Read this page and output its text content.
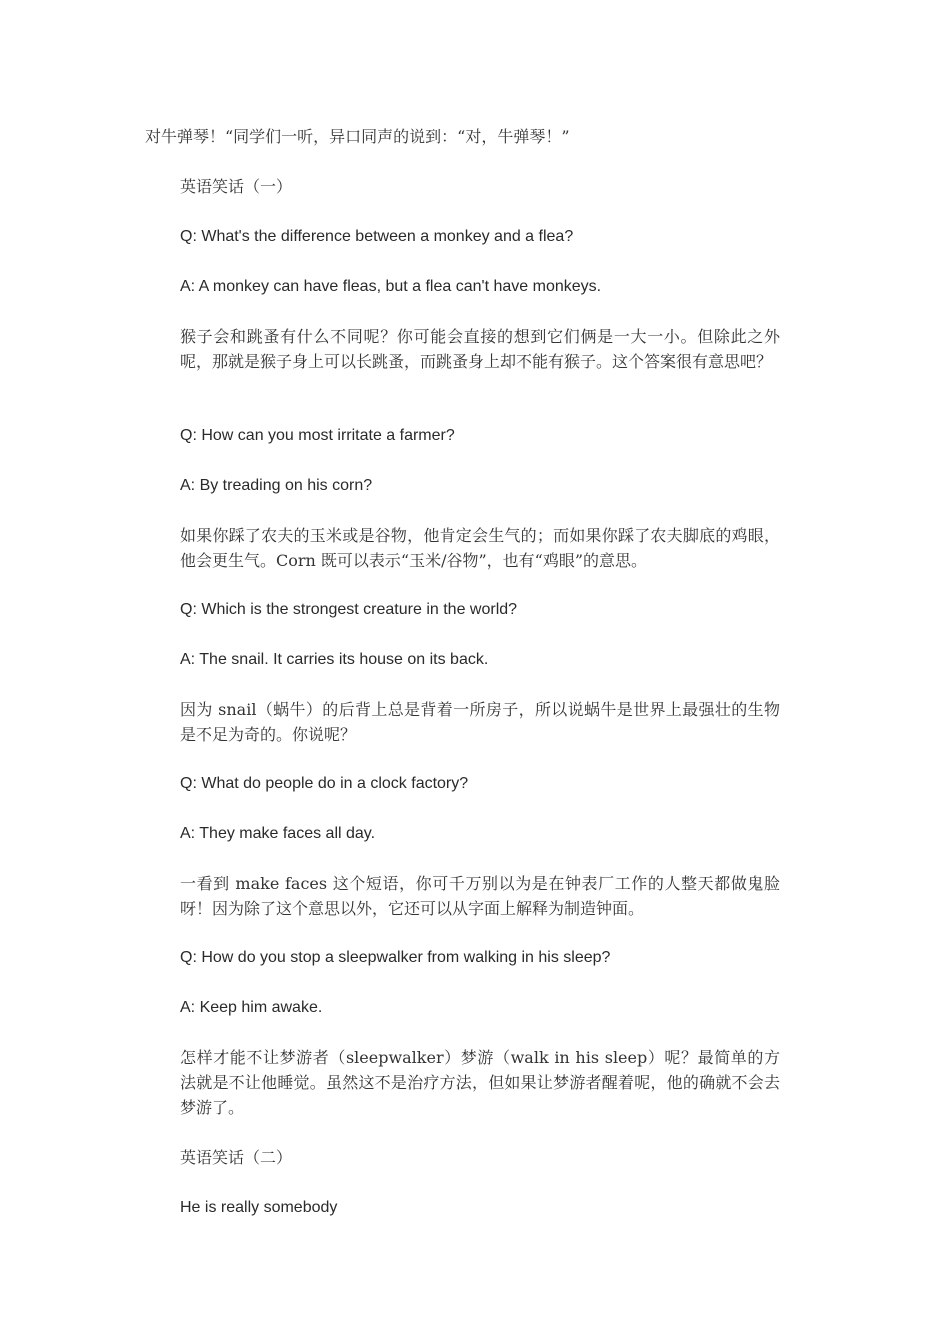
对牛弹琴！“同学们一听，异口同声的说到：“对，牛弹琴！”
英语笑话（一）
Q: What's the difference between a monkey and a flea?
A: A monkey can have fleas, but a flea can't have monkeys.
猴子会和跳蚤有什么不同呢？你可能会直接的想到它们俩是一大一小。但除此之外呢，那就是猴子身上可以长跳蚤，而跳蚤身上却不能有猴子。这个答案很有意思吧？
Q: How can you most irritate a farmer?
A: By treading on his corn?
如果你踩了农夫的玉米或是谷物，他肯定会生气的；而如果你踩了农夫脚底的鸡眼，他会更生气。Corn 既可以表示“玉米/谷物”，也有“鸡眼”的意思。
Q: Which is the strongest creature in the world?
A: The snail. It carries its house on its back.
因为 snail（蜗牛）的后背上总是背着一所房子，所以说蜗牛是世界上最强壮的生物是不足为奇的。你说呢？
Q: What do people do in a clock factory?
A: They make faces all day.
一看到 make faces 这个短语，你可千万别以为是在钟表厂工作的人整天都做鬼脸呀！因为除了这个意思以外，它还可以从字面上解释为制造钟面。
Q: How do you stop a sleepwalker from walking in his sleep?
A: Keep him awake.
怎样才能不让梦游者（sleepwalker）梦游（walk in his sleep）呢？最简单的方法就是不让他睡觉。虽然这不是治疗方法，但如果让梦游者醒着呢，他的确就不会去梦游了。
英语笑话（二）
He is really somebody
